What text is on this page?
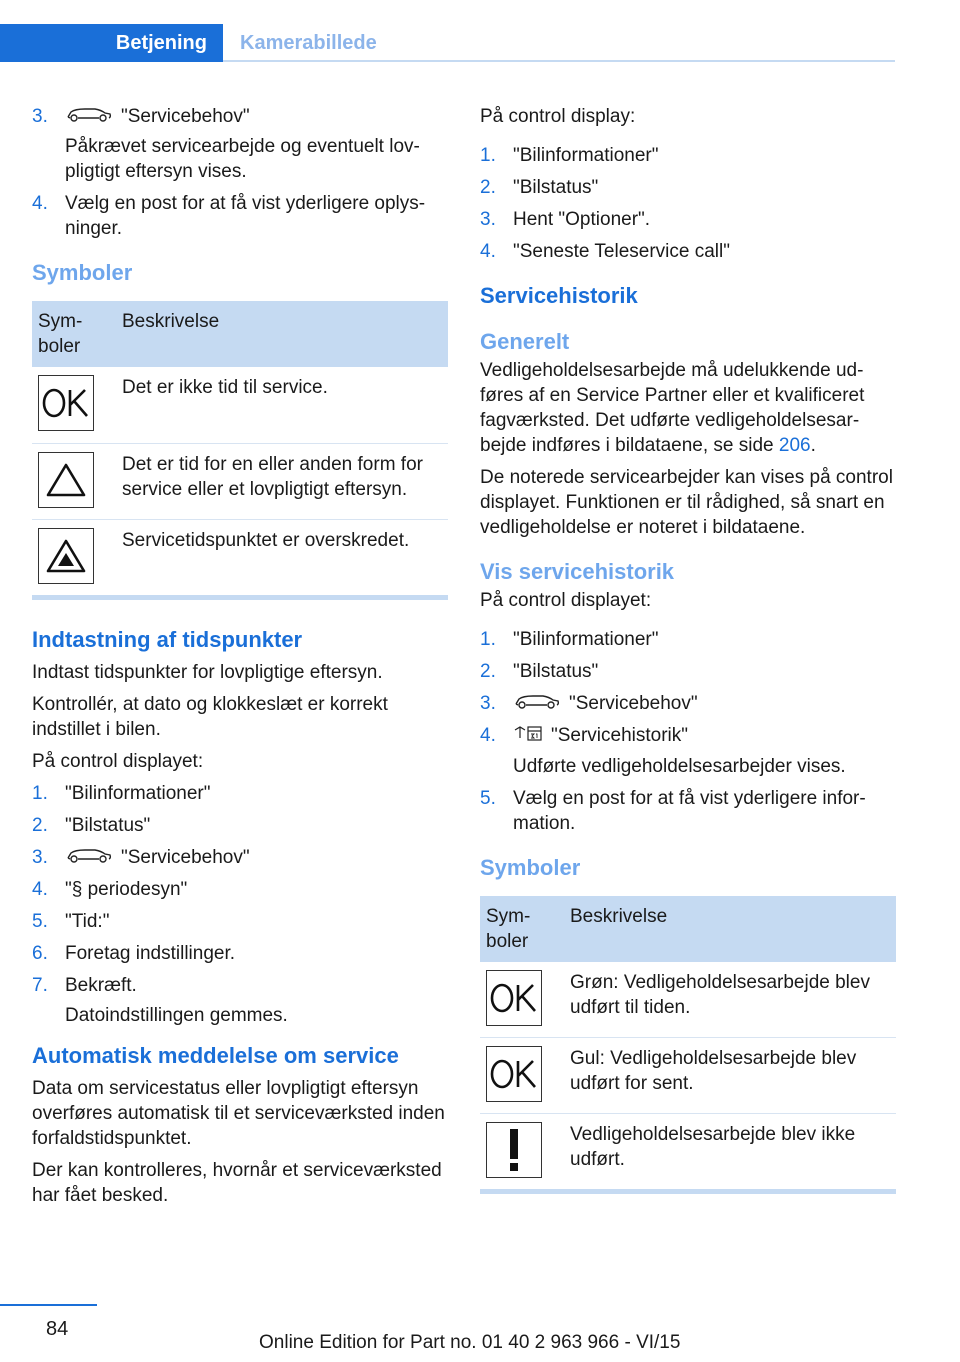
Betjening	Kamerabillede
3.	"Servicebehov"
Påkrævet servicearbejde og eventuelt lovpligtigt eftersyn vises.
4. Vælg en post for at få vist yderligere oplysninger.
Symboler
Symboler	Beskrivelse

	Det er ikke tid til service.

	Det er tid for en eller anden form for service eller et lovpligtigt eftersyn.

	Servicetidspunktet er overskredet.
Indtastning af tidspunkter

Indtast tidspunkter for lovpligtige eftersyn.

Kontrollér, at dato og klokkeslæt er korrekt indstillet i bilen.

På control displayet:

1. "Bilinformationer"
2. "Bilstatus"
3.	"Servicebehov"
4. "§ periodesyn"
5. "Tid:"
6. Foretag indstillinger.
7. Bekræft.
Datoindstillingen gemmes.
Automatisk meddelelse om service

Data om servicestatus eller lovpligtigt eftersyn overføres automatisk til et serviceværksted inden forfaldstidspunktet.

Der kan kontrolleres, hvornår et serviceværksted har fået besked.

På control display:

1. "Bilinformationer"
2. "Bilstatus"
3. Hent "Optioner".
4. "Seneste Teleservice call"
Servicehistorik
Generelt

Vedligeholdelsesarbejde må udelukkende udføres af en Service Partner eller et kvalificeret fagværksted. Det udførte vedligeholdelsesarbejde indføres i bildataene, se side 206.

De noterede servicearbejder kan vises på control displayet. Funktionen er til rådighed, så snart en vedligeholdelse er noteret i bildataene.

Vis servicehistorik

På control displayet:

1. "Bilinformationer"
2. "Bilstatus"
3.	"Servicebehov"
4.	"Servicehistorik"
Udførte vedligeholdelsesarbejder vises.
5. Vælg en post for at få vist yderligere information.
Symboler
Symboler	Beskrivelse

	Grøn: Vedligeholdelsesarbejde blev udført til tiden.

	Gul: Vedligeholdelsesarbejde blev udført for sent.

	Vedligeholdelsesarbejde blev ikke udført.
84
Online Edition for Part no. 01 40 2 963 966 - VI/15
